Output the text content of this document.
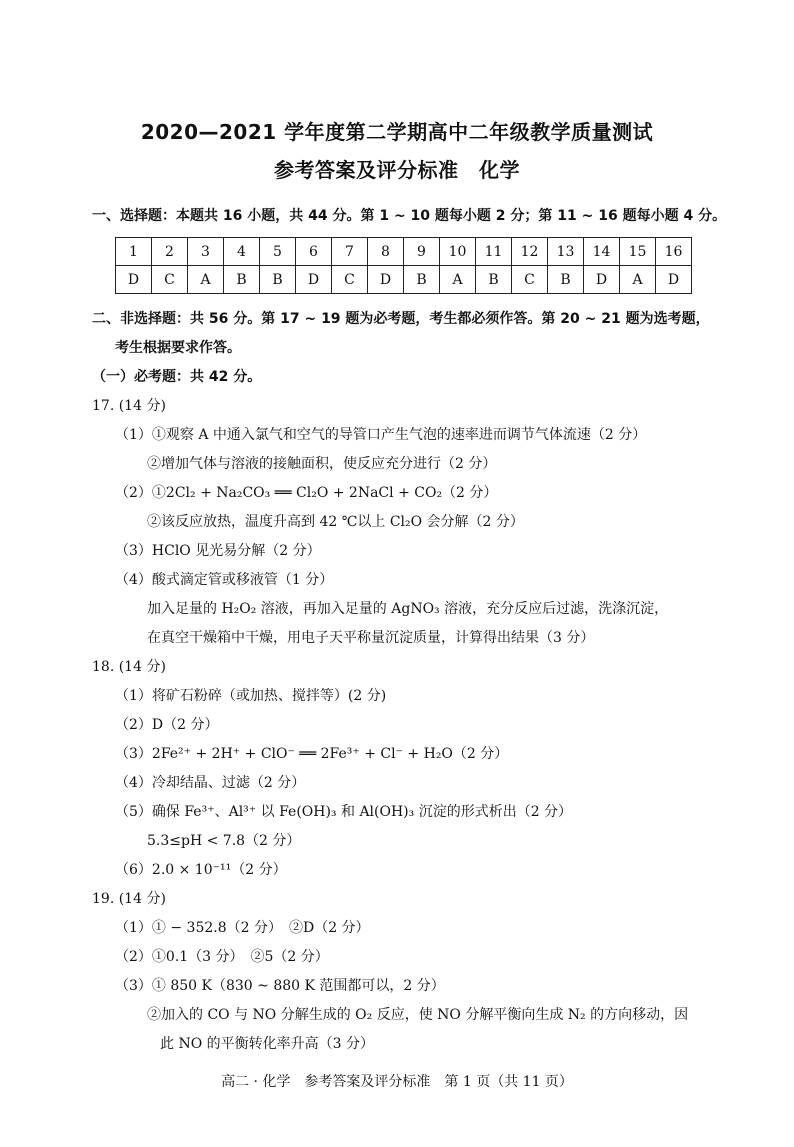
2020—2021 学年度第二学期高中二年级教学质量测试
参考答案及评分标准　化学
一、选择题：本题共 16 小题，共 44 分。第 1 ~ 10 题每小题 2 分；第 11 ~ 16 题每小题 4 分。
1	2	3	4	5	6	7	8	9	10	11	12	13	14	15	16
D	C	A	B	B	D	C	D	B	A	B	C	B	D	A	D
二、非选择题：共 56 分。第 17 ~ 19 题为必考题，考生都必须作答。第 20 ~ 21 题为选考题，
考生根据要求作答。
（一）必考题：共 42 分。
17. (14 分)
（1）①观察 A 中通入氯气和空气的导管口产生气泡的速率进而调节气体流速（2 分）
②增加气体与溶液的接触面积，使反应充分进行（2 分）
（2）①2Cl₂ + Na₂CO₃ ══ Cl₂O + 2NaCl + CO₂（2 分）
②该反应放热，温度升高到 42 ℃以上 Cl₂O 会分解（2 分）
（3）HClO 见光易分解（2 分）
（4）酸式滴定管或移液管（1 分）
加入足量的 H₂O₂ 溶液，再加入足量的 AgNO₃ 溶液，充分反应后过滤，洗涤沉淀，
在真空干燥箱中干燥，用电子天平称量沉淀质量，计算得出结果（3 分）
18. (14 分)
（1）将矿石粉碎（或加热、搅拌等）(2 分)
（2）D（2 分）
（3）2Fe²⁺ + 2H⁺ + ClO⁻ ══ 2Fe³⁺ + Cl⁻ + H₂O（2 分）
（4）冷却结晶、过滤（2 分）
（5）确保 Fe³⁺、Al³⁺ 以 Fe(OH)₃ 和 Al(OH)₃ 沉淀的形式析出（2 分）
5.3≤pH < 7.8（2 分）
（6）2.0 × 10⁻¹¹（2 分）
19. (14 分)
（1）① − 352.8（2 分）　②D（2 分）
（2）①0.1（3 分）　②5（2 分）
（3）① 850 K（830 ~ 880 K 范围都可以，2 分）
②加入的 CO 与 NO 分解生成的 O₂ 反应，使 NO 分解平衡向生成 N₂ 的方向移动，因
此 NO 的平衡转化率升高（3 分）
高二 · 化学　参考答案及评分标准　第 1 页（共 11 页）
